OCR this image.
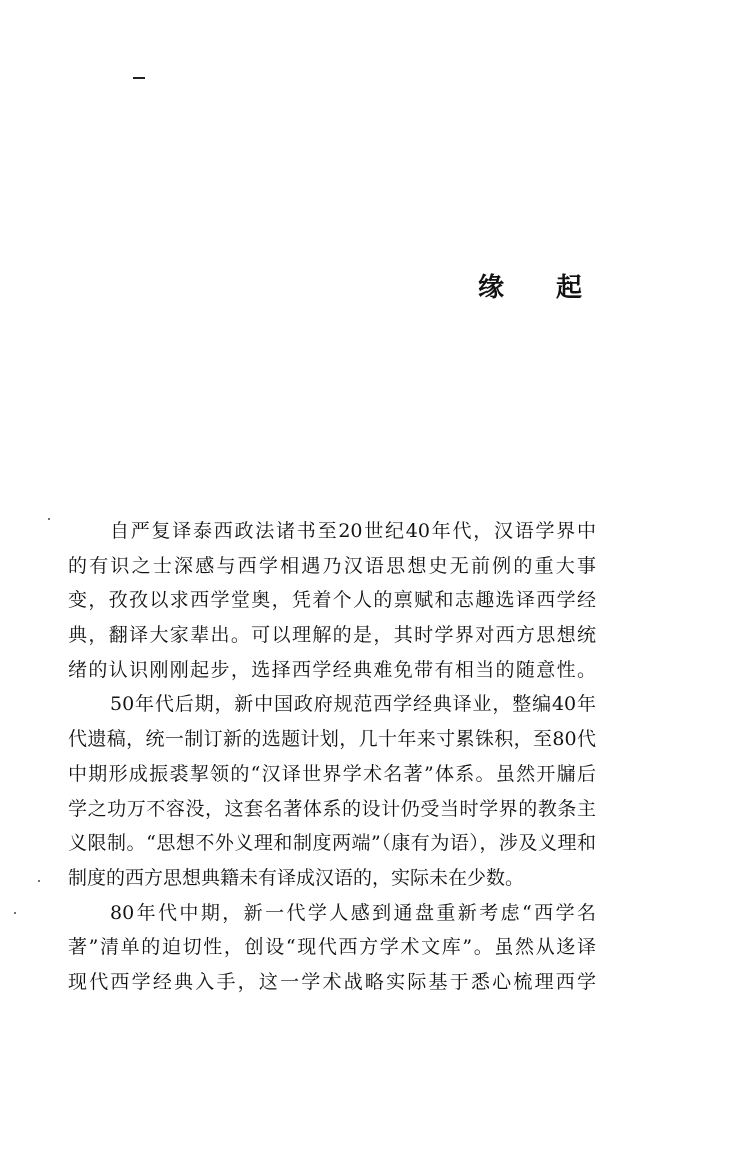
缘 起
自严复译泰西政法诸书至20世纪40年代，汉语学界中
的有识之士深感与西学相遇乃汉语思想史无前例的重大事
变，孜孜以求西学堂奥，凭着个人的禀赋和志趣选译西学经
典，翻译大家辈出。可以理解的是，其时学界对西方思想统
绪的认识刚刚起步，选择西学经典难免带有相当的随意性。
50年代后期，新中国政府规范西学经典译业，整编40年
代遗稿，统一制订新的选题计划，几十年来寸累铢积，至80代
中期形成振裘挈领的“汉译世界学术名著”体系。虽然开牖后
学之功万不容没，这套名著体系的设计仍受当时学界的教条主
义限制。“思想不外义理和制度两端”（康有为语），涉及义理和
制度的西方思想典籍未有译成汉语的，实际未在少数。
80年代中期，新一代学人感到通盘重新考虑“西学名
著”清单的迫切性，创设“现代西方学术文库”。虽然从迻译
现代西学经典入手，这一学术战略实际基于悉心梳理西学
